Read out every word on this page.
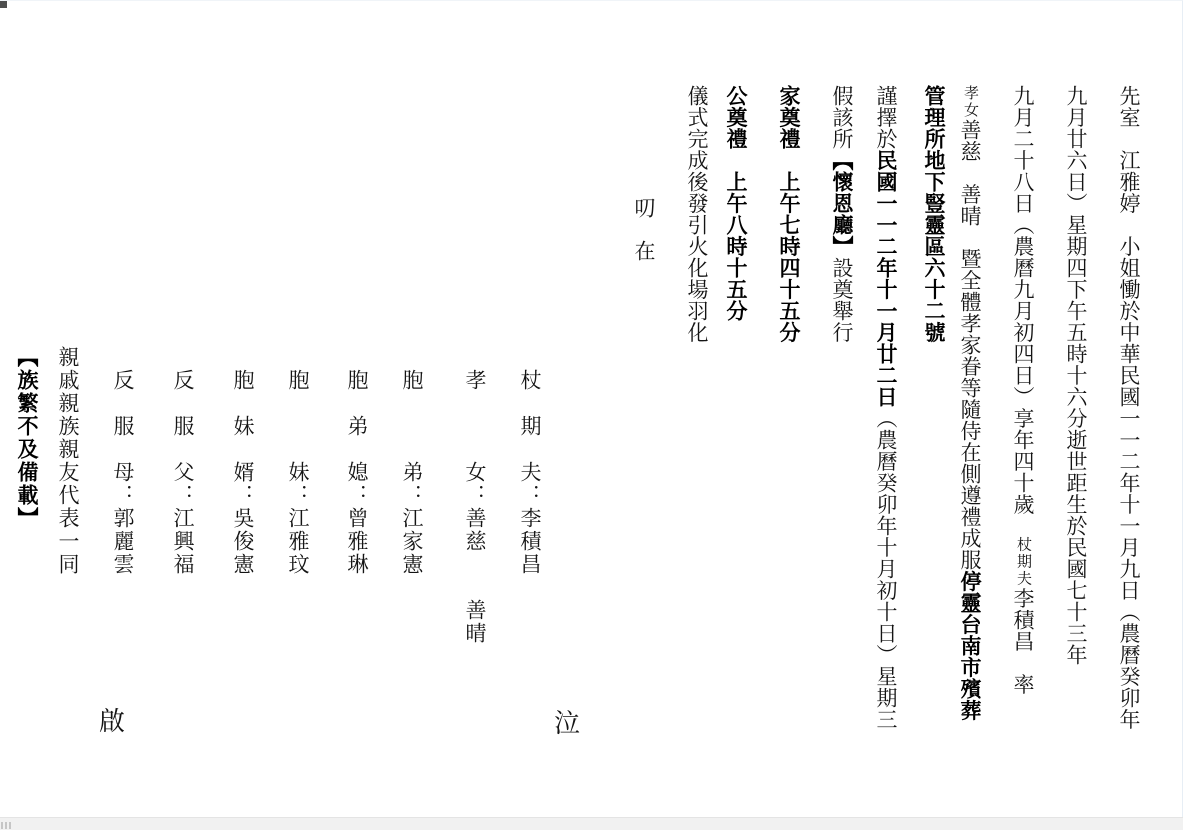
先室　江雅婷　小姐慟於中華民國一一二年十一月九日（農曆癸卯年
九月廿六日）星期四下午五時十六分逝世距生於民國七十三年
九月二十八日（農曆九月初四日）享年四十歲　杖期夫李積昌　率
孝女善慈　善晴　暨全體孝家眷等隨侍在側遵禮成服停靈台南市殯葬
管理所地下豎靈區六十二號
謹擇於民國一一二年十一月廿二日（農曆癸卯年十月初十日）星期三
假該所【懷恩廳】設奠舉行
家奠禮　上午七時四十五分
公奠禮　上午八時十五分
儀式完成後發引火化場羽化
叨　在
杖　期　夫：李積昌
孝　　　女：善慈　　善晴
胞　　　弟：江家憲
胞　弟　媳：曾雅琳
胞　　　妹：江雅玟
胞　妹　婿：吳俊憲
反　服　父：江興福
反　服　母：郭麗雲
親戚親族親友代表一同
【族繁不及備載】
泣
啟
